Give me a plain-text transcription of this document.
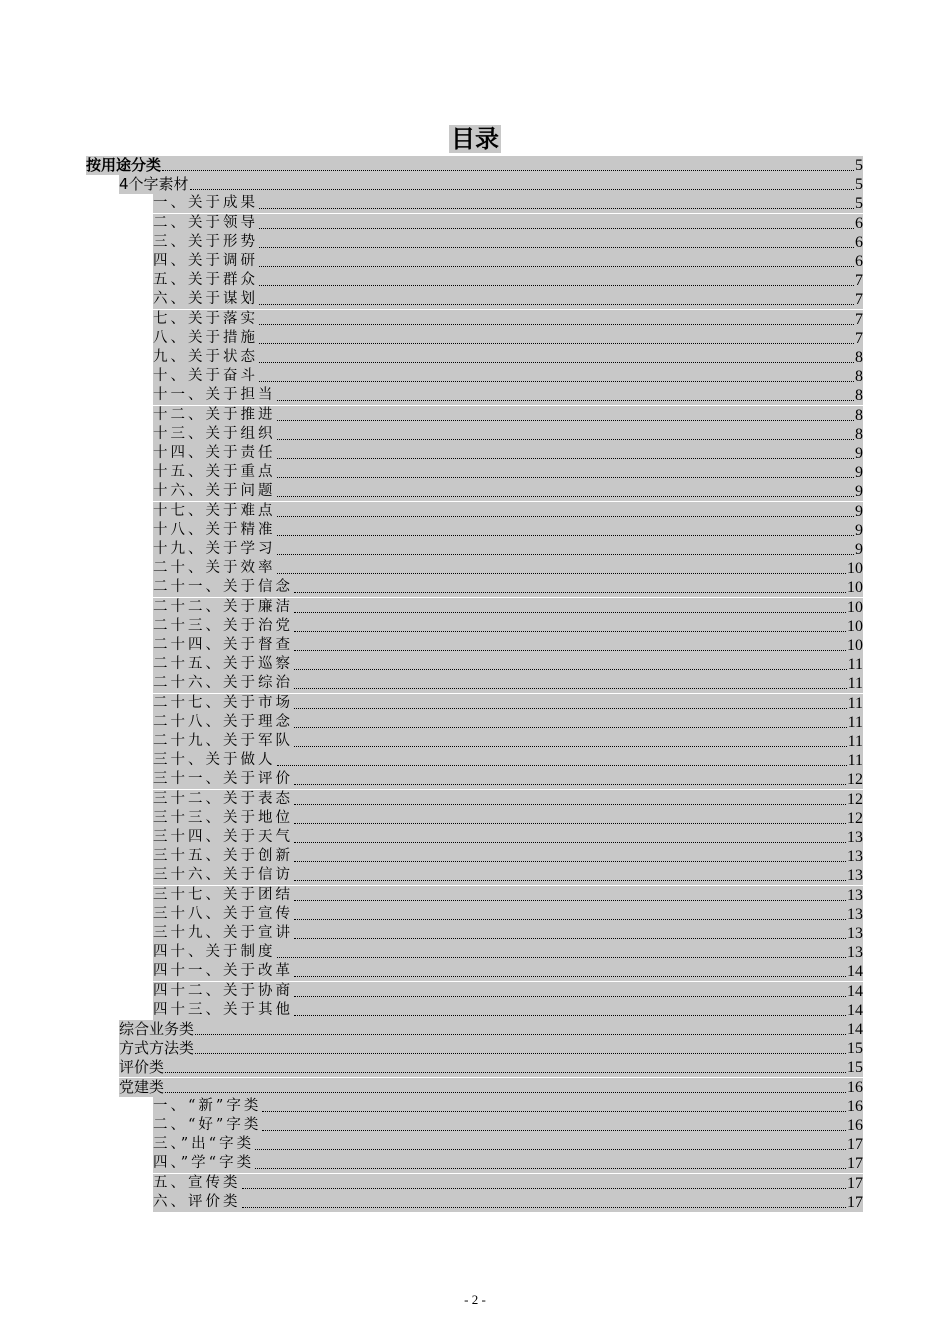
目录
按用途分类	5
4个字素材	5
一、关于成果	5
二、关于领导	6
三、关于形势	6
四、关于调研	6
五、关于群众	7
六、关于谋划	7
七、关于落实	7
八、关于措施	7
九、关于状态	8
十、关于奋斗	8
十一、关于担当	8
十二、关于推进	8
十三、关于组织	8
十四、关于责任	9
十五、关于重点	9
十六、关于问题	9
十七、关于难点	9
十八、关于精准	9
十九、关于学习	9
二十、关于效率	10
二十一、关于信念	10
二十二、关于廉洁	10
二十三、关于治党	10
二十四、关于督查	10
二十五、关于巡察	11
二十六、关于综治	11
二十七、关于市场	11
二十八、关于理念	11
二十九、关于军队	11
三十、关于做人	11
三十一、关于评价	12
三十二、关于表态	12
三十三、关于地位	12
三十四、关于天气	13
三十五、关于创新	13
三十六、关于信访	13
三十七、关于团结	13
三十八、关于宣传	13
三十九、关于宣讲	13
四十、关于制度	13
四十一、关于改革	14
四十二、关于协商	14
四十三、关于其他	14
综合业务类	14
方式方法类	15
评价类	15
党建类	16
一、“新”字类	16
二、“好”字类	16
三、”出“字类	17
四、”学“字类	17
五、宣传类	17
六、评价类	17
- 2 -
